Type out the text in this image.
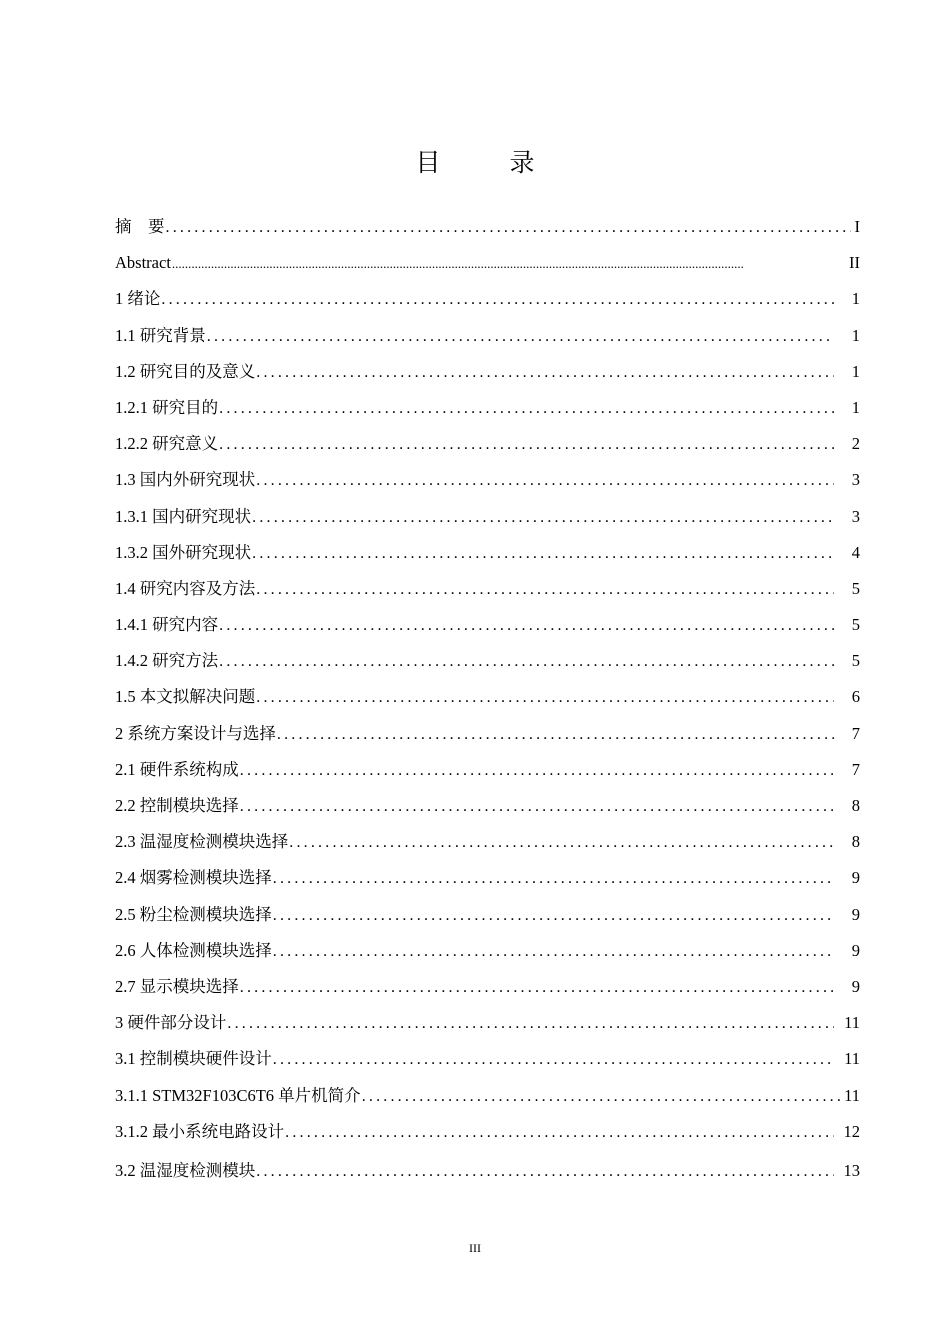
目　录
摘　要 .....	I
Abstract .....	II
1 绪论 .....	1
1.1 研究背景 .....	1
1.2 研究目的及意义 .....	1
1.2.1 研究目的 .....	1
1.2.2 研究意义 .....	2
1.3 国内外研究现状 .....	3
1.3.1 国内研究现状 .....	3
1.3.2 国外研究现状 .....	4
1.4 研究内容及方法 .....	5
1.4.1 研究内容 .....	5
1.4.2 研究方法 .....	5
1.5 本文拟解决问题 .....	6
2 系统方案设计与选择 .....	7
2.1 硬件系统构成 .....	7
2.2 控制模块选择 .....	8
2.3 温湿度检测模块选择 .....	8
2.4 烟雾检测模块选择 .....	9
2.5 粉尘检测模块选择 .....	9
2.6 人体检测模块选择 .....	9
2.7 显示模块选择 .....	9
3 硬件部分设计 .....	11
3.1 控制模块硬件设计 .....	11
3.1.1 STM32F103C6T6 单片机简介 .....	11
3.1.2 最小系统电路设计 .....	12
3.2 温湿度检测模块 .....	13
III
